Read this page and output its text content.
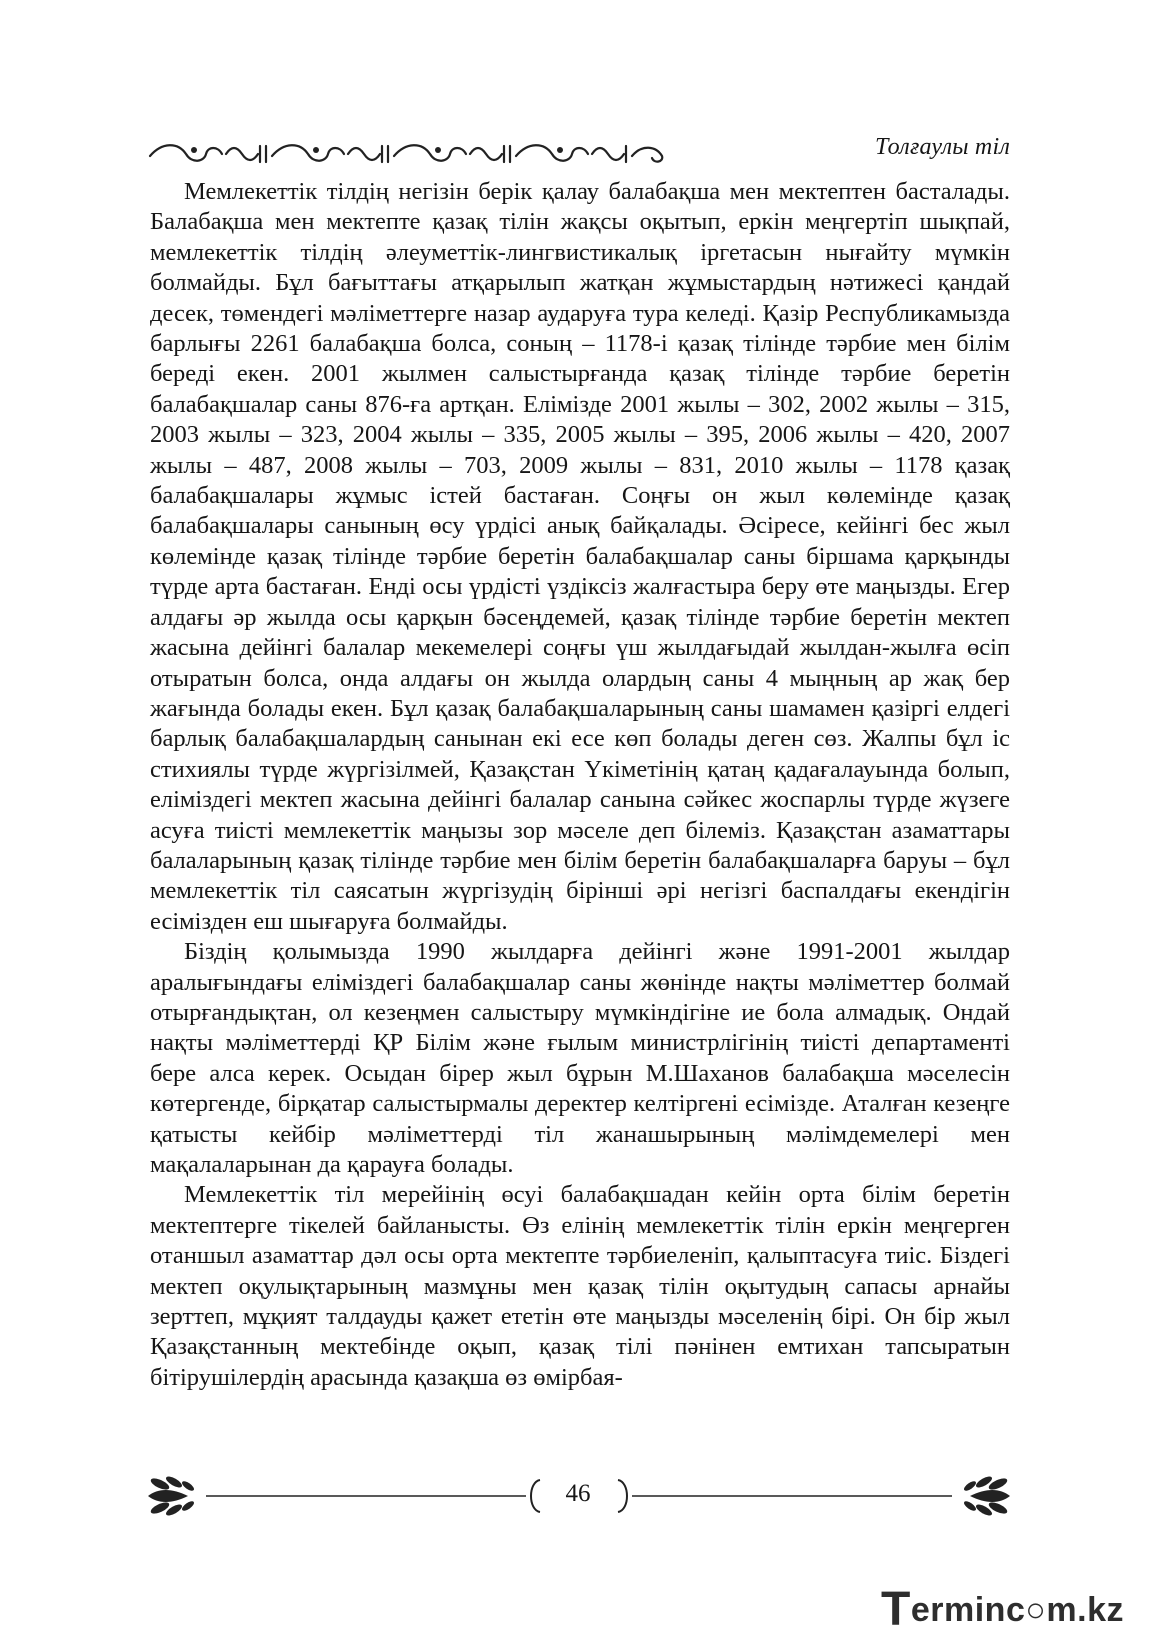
Толғаулы тіл

Мемлекеттік тілдің негізін берік қалау балабақша мен мектептен басталады. Балабақша мен мектепте қазақ тілін жақсы оқытып, еркін меңгертіп шықпай, мемлекеттік тілдің әлеуметтік-лингвистикалық іргетасын нығайту мүмкін болмайды. Бұл бағыттағы атқарылып жатқан жұмыстардың нәтижесі қандай десек, төмендегі мәліметтерге назар аударуға тура келеді. Қазір Республикамызда барлығы 2261 балабақша болса, соның – 1178-і қазақ тілінде тәрбие мен білім береді екен. 2001 жылмен салыстырғанда қазақ тілінде тәрбие беретін балабақшалар саны 876-ға артқан. Елімізде 2001 жылы – 302, 2002 жылы – 315, 2003 жылы – 323, 2004 жылы – 335, 2005 жылы – 395, 2006 жылы – 420, 2007 жылы – 487, 2008 жылы – 703, 2009 жылы – 831, 2010 жылы – 1178 қазақ балабақшалары жұмыс істей бастаған. Соңғы он жыл көлемінде қазақ балабақшалары санының өсу үрдісі анық байқалады. Әсіресе, кейінгі бес жыл көлемінде қазақ тілінде тәрбие беретін балабақшалар саны біршама қарқынды түрде арта бастаған. Енді осы үрдісті үздіксіз жалғастыра беру өте маңызды. Егер алдағы әр жылда осы қарқын бәсеңдемей, қазақ тілінде тәрбие беретін мектеп жасына дейінгі балалар мекемелері соңғы үш жылдағыдай жылдан-жылға өсіп отыратын болса, онда алдағы он жылда олардың саны 4 мыңның ар жақ бер жағында болады екен. Бұл қазақ балабақшаларының саны шамамен қазіргі елдегі барлық балабақшалардың санынан екі есе көп болады деген сөз. Жалпы бұл іс стихиялы түрде жүргізілмей, Қазақстан Үкіметінің қатаң қадағалауында болып, еліміздегі мектеп жасына дейінгі балалар санына сәйкес жоспарлы түрде жүзеге асуға тиісті мемлекеттік маңызы зор мәселе деп білеміз. Қазақстан азаматтары балаларының қазақ тілінде тәрбие мен білім беретін балабақшаларға баруы – бұл мемлекеттік тіл саясатын жүргізудің бірінші әрі негізгі баспалдағы екендігін есімізден еш шығаруға болмайды.

Біздің қолымызда 1990 жылдарға дейінгі және 1991-2001 жылдар аралығындағы еліміздегі балабақшалар саны жөнінде нақты мәліметтер болмай отырғандықтан, ол кезеңмен салыстыру мүмкіндігіне ие бола алмадық. Ондай нақты мәліметтерді ҚР Білім және ғылым министрлігінің тиісті департаменті бере алса керек. Осыдан бірер жыл бұрын М.Шаханов балабақша мәселесін көтергенде, бірқатар салыстырмалы деректер келтіргені есімізде. Аталған кезеңге қатысты кейбір мәліметтерді тіл жанашырының мәлімдемелері мен мақалаларынан да қарауға болады.

Мемлекеттік тіл мерейінің өсуі балабақшадан кейін орта білім беретін мектептерге тікелей байланысты. Өз елінің мемлекеттік тілін еркін меңгерген отаншыл азаматтар дәл осы орта мектепте тәрбиеленіп, қалыптасуға тиіс. Біздегі мектеп оқулықтарының мазмұны мен қазақ тілін оқытудың сапасы арнайы зерттеп, мұқият талдауды қажет ететін өте маңызды мәселенің бірі. Он бір жыл Қазақстанның мектебінде оқып, қазақ тілі пәнінен емтихан тапсыратын бітірушілердің арасында қазақша өз өмірбая-

46
Terminc○m.kz
